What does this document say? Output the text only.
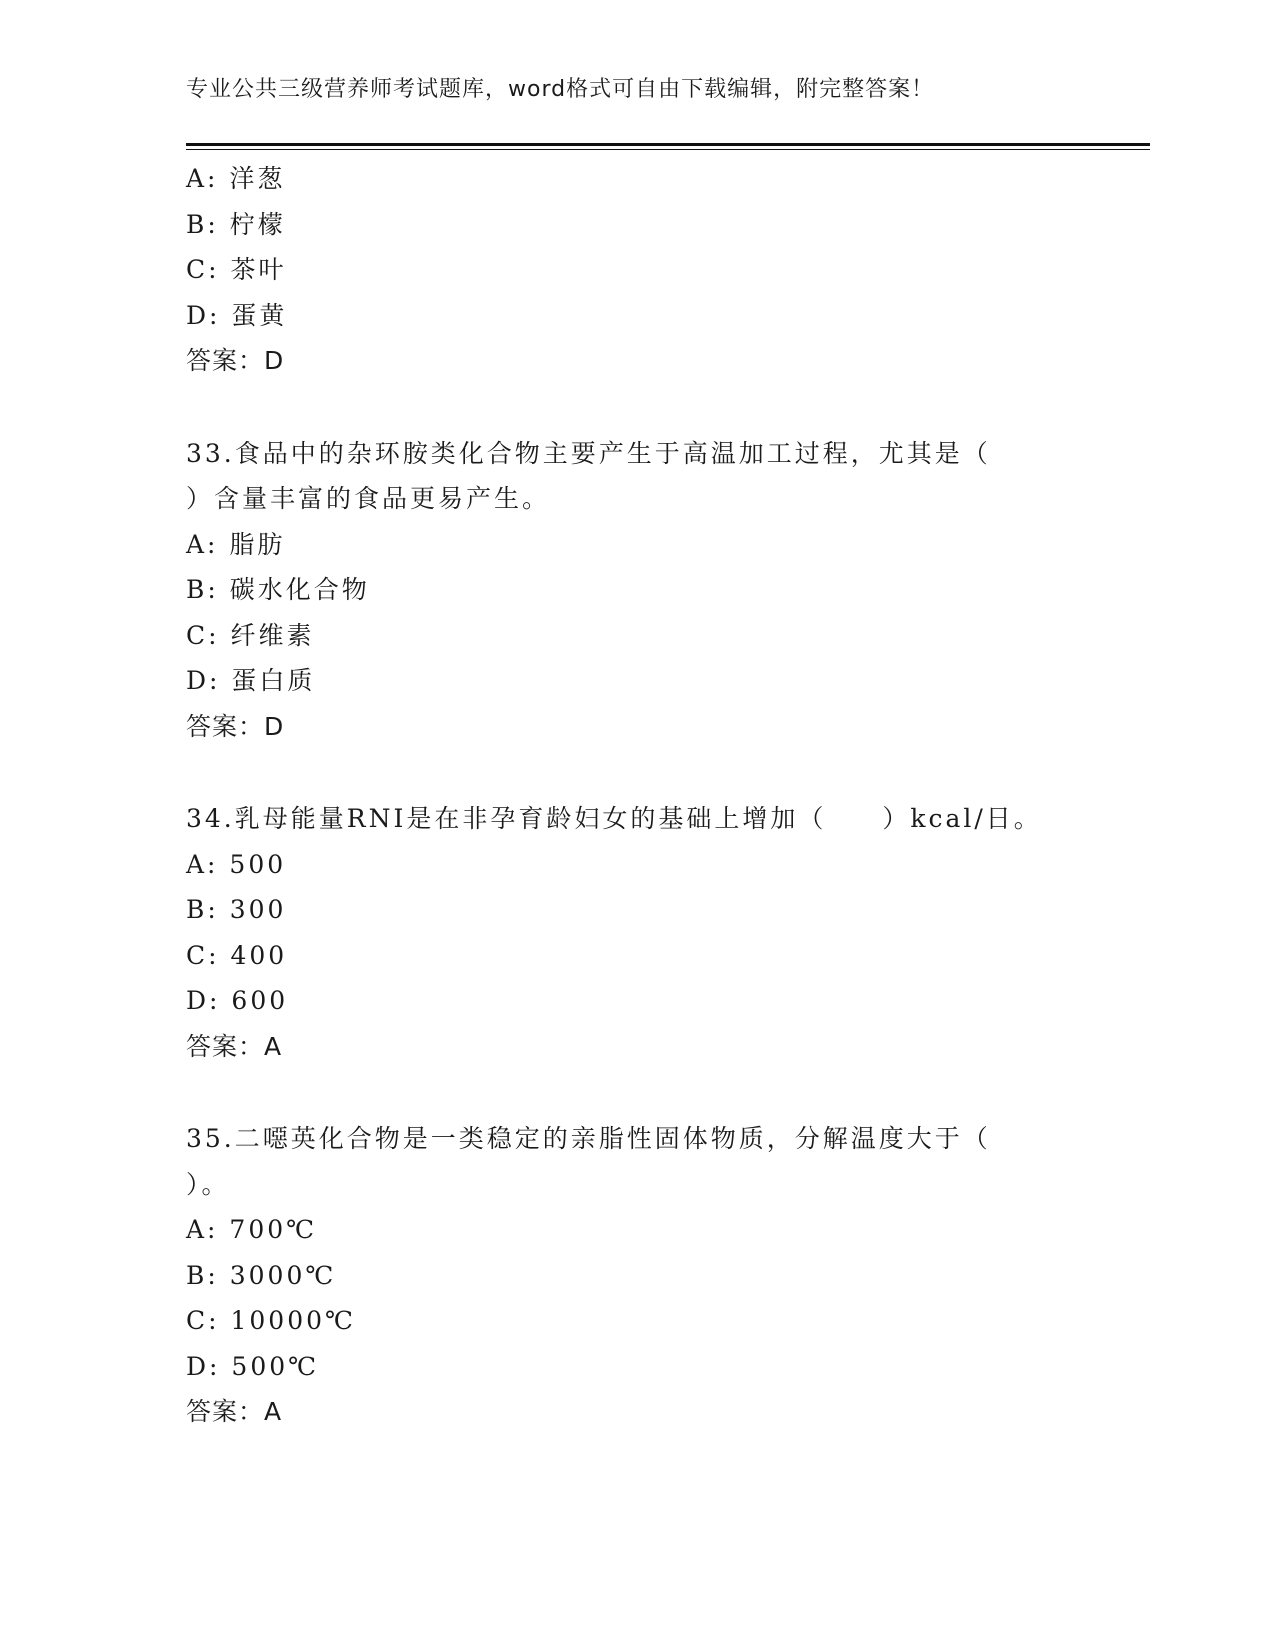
专业公共三级营养师考试题库，word格式可自由下载编辑，附完整答案！
A: 洋葱
B: 柠檬
C: 茶叶
D: 蛋黄
答案：D
33.食品中的杂环胺类化合物主要产生于高温加工过程，尤其是（
）含量丰富的食品更易产生。
A: 脂肪
B: 碳水化合物
C: 纤维素
D: 蛋白质
答案：D
34.乳母能量RNI是在非孕育龄妇女的基础上增加（　　）kcal/日。
A: 500
B: 300
C: 400
D: 600
答案：A
35.二噁英化合物是一类稳定的亲脂性固体物质，分解温度大于（
）。
A: 700℃
B: 3000℃
C: 10000℃
D: 500℃
答案：A
